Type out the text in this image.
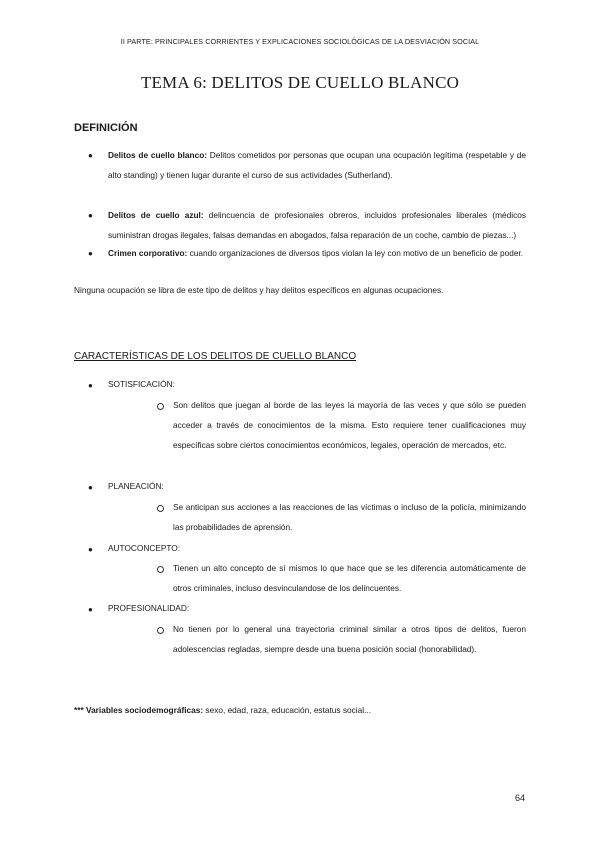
II PARTE: PRINCIPALES CORRIENTES Y EXPLICACIONES SOCIOLÓGICAS DE LA DESVIACIÓN SOCIAL
TEMA 6: DELITOS DE CUELLO BLANCO
DEFINICIÓN
● Delitos de cuello blanco: Delitos cometidos por personas que ocupan una ocupación legítima (respetable y de alto standing) y tienen lugar durante el curso de sus actividades (Sutherland).
● Delitos de cuello azul: delincuencia de profesionales obreros, incluidos profesionales liberales (médicos suministran drogas ilegales, falsas demandas en abogados, falsa reparación de un coche, cambio de piezas...)
● Crimen corporativo: cuando organizaciones de diversos tipos violan la ley con motivo de un beneficio de poder.
Ninguna ocupación se libra de este tipo de delitos y hay delitos específicos en algunas ocupaciones.
CARACTERÍSTICAS DE LOS DELITOS DE CUELLO BLANCO
● SOTISFICACIÓN:
Son delitos que juegan al borde de las leyes la mayoría de las veces y que sólo se pueden acceder a través de conocimientos de la misma. Esto requiere tener cualificaciones muy específicas sobre ciertos conocimientos económicos, legales, operación de mercados, etc.
● PLANEACIÓN:
Se anticipan sus acciones a las reacciones de las víctimas o incluso de la policía, minimizando las probabilidades de aprensión.
● AUTOCONCEPTO:
Tienen un alto concepto de sí mismos lo que hace que se les diferencia automáticamente de otros criminales, incluso desvinculandose de los delincuentes.
● PROFESIONALIDAD:
No tienen por lo general una trayectoria criminal similar a otros tipos de delitos, fueron adolescencias regladas, siempre desde una buena posición social (honorabilidad).
*** Variables sociodemográficas: sexo, edad, raza, educación, estatus social...
64
